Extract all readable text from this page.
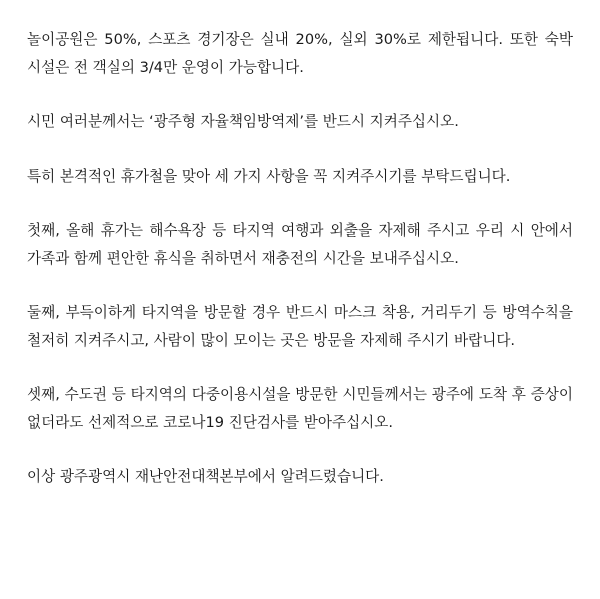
놀이공원은 50%, 스포츠 경기장은 실내 20%, 실외 30%로 제한됩니다. 또한 숙박 시설은 전 객실의 3/4만 운영이 가능합니다.

시민 여러분께서는 ‘광주형 자율책임방역제’를 반드시 지켜주십시오.

특히 본격적인 휴가철을 맞아 세 가지 사항을 꼭 지켜주시기를 부탁드립니다.

첫째, 올해 휴가는 해수욕장 등 타지역 여행과 외출을 자제해 주시고 우리 시 안에서 가족과 함께 편안한 휴식을 취하면서 재충전의 시간을 보내주십시오.

둘째, 부득이하게 타지역을 방문할 경우 반드시 마스크 착용, 거리두기 등 방역수칙을 철저히 지켜주시고, 사람이 많이 모이는 곳은 방문을 자제해 주시기 바랍니다.

셋째, 수도권 등 타지역의 다중이용시설을 방문한 시민들께서는 광주에 도착 후 증상이 없더라도 선제적으로 코로나19 진단검사를 받아주십시오.

이상 광주광역시 재난안전대책본부에서 알려드렸습니다.
